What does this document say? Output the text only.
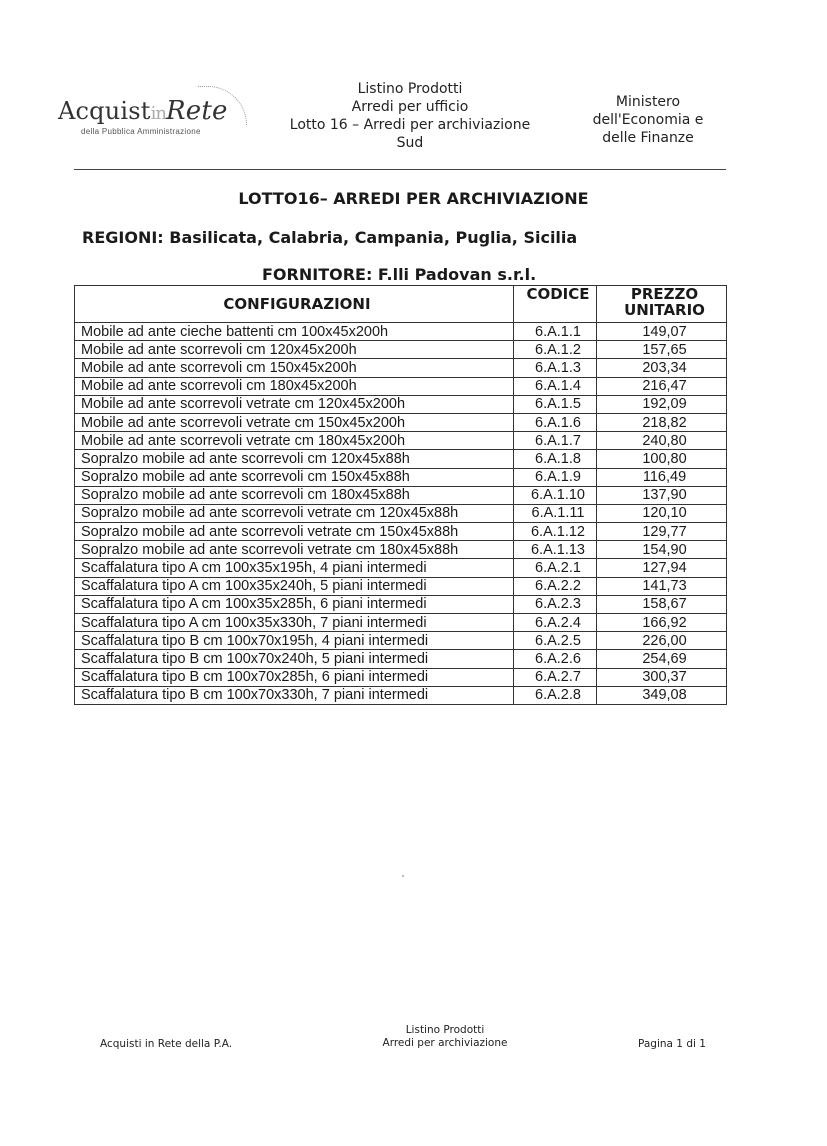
AcquistinRete
della Pubblica Amministrazione
Listino Prodotti
Arredi per ufficio
Lotto 16 – Arredi per archiviazione
Sud
Ministero
dell'Economia e
delle Finanze
LOTTO16– ARREDI PER ARCHIVIAZIONE
REGIONI: Basilicata, Calabria, Campania, Puglia, Sicilia
FORNITORE: F.lli Padovan s.r.l.
CONFIGURAZIONI	CODICE	PREZZO
UNITARIO

Mobile ad ante cieche battenti cm 100x45x200h	6.A.1.1	149,07
Mobile ad ante scorrevoli cm 120x45x200h	6.A.1.2	157,65
Mobile ad ante scorrevoli cm 150x45x200h	6.A.1.3	203,34
Mobile ad ante scorrevoli cm 180x45x200h	6.A.1.4	216,47
Mobile ad ante scorrevoli vetrate cm 120x45x200h	6.A.1.5	192,09
Mobile ad ante scorrevoli vetrate cm 150x45x200h	6.A.1.6	218,82
Mobile ad ante scorrevoli vetrate cm 180x45x200h	6.A.1.7	240,80
Sopralzo mobile ad ante scorrevoli cm 120x45x88h	6.A.1.8	100,80
Sopralzo mobile ad ante scorrevoli cm 150x45x88h	6.A.1.9	116,49
Sopralzo mobile ad ante scorrevoli cm 180x45x88h	6.A.1.10	137,90
Sopralzo mobile ad ante scorrevoli vetrate cm 120x45x88h	6.A.1.11	120,10
Sopralzo mobile ad ante scorrevoli vetrate cm 150x45x88h	6.A.1.12	129,77
Sopralzo mobile ad ante scorrevoli vetrate cm 180x45x88h	6.A.1.13	154,90
Scaffalatura tipo A cm 100x35x195h, 4 piani intermedi	6.A.2.1	127,94
Scaffalatura tipo A cm 100x35x240h, 5 piani intermedi	6.A.2.2	141,73
Scaffalatura tipo A cm 100x35x285h, 6 piani intermedi	6.A.2.3	158,67
Scaffalatura tipo A cm 100x35x330h, 7 piani intermedi	6.A.2.4	166,92
Scaffalatura tipo B cm 100x70x195h, 4 piani intermedi	6.A.2.5	226,00
Scaffalatura tipo B cm 100x70x240h, 5 piani intermedi	6.A.2.6	254,69
Scaffalatura tipo B cm 100x70x285h, 6 piani intermedi	6.A.2.7	300,37
Scaffalatura tipo B cm 100x70x330h, 7 piani intermedi	6.A.2.8	349,08
Acquisti in Rete della P.A.
Listino Prodotti
Arredi per archiviazione	Pagina 1 di 1
